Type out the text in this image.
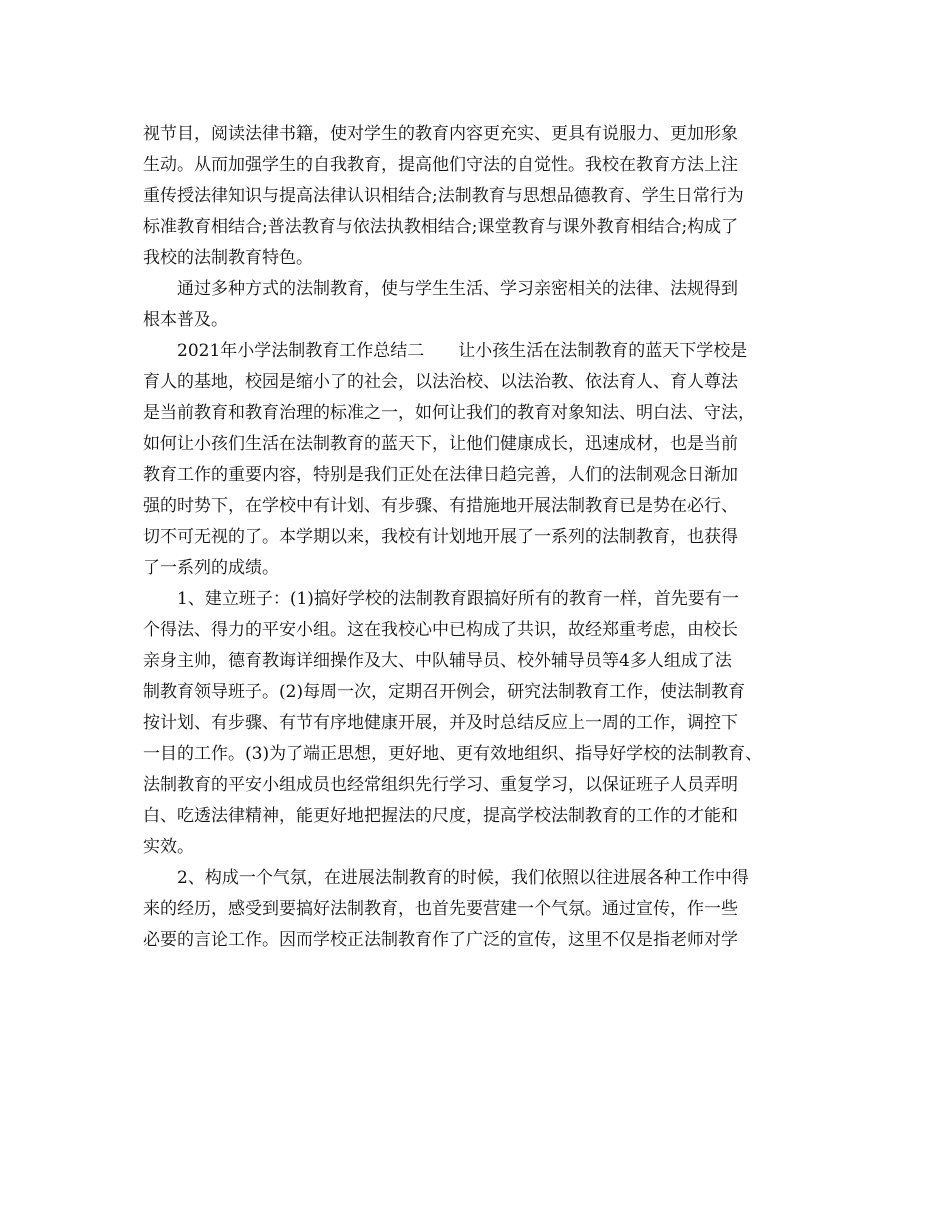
视节目，阅读法律书籍，使对学生的教育内容更充实、更具有说服力、更加形象
生动。从而加强学生的自我教育，提高他们守法的自觉性。我校在教育方法上注
重传授法律知识与提高法律认识相结合;法制教育与思想品德教育、学生日常行为
标准教育相结合;普法教育与依法执教相结合;课堂教育与课外教育相结合;构成了
我校的法制教育特色。
　　通过多种方式的法制教育，使与学生生活、学习亲密相关的法律、法规得到
根本普及。
　　2021年小学法制教育工作总结二　　让小孩生活在法制教育的蓝天下学校是
育人的基地，校园是缩小了的社会，以法治校、以法治教、依法育人、育人尊法
是当前教育和教育治理的标准之一，如何让我们的教育对象知法、明白法、守法，
如何让小孩们生活在法制教育的蓝天下，让他们健康成长，迅速成材，也是当前
教育工作的重要内容，特别是我们正处在法律日趋完善，人们的法制观念日渐加
强的时势下，在学校中有计划、有步骤、有措施地开展法制教育已是势在必行、
切不可无视的了。本学期以来，我校有计划地开展了一系列的法制教育，也获得
了一系列的成绩。
　　1、建立班子：(1)搞好学校的法制教育跟搞好所有的教育一样，首先要有一
个得法、得力的平安小组。这在我校心中已构成了共识，故经郑重考虑，由校长
亲身主帅，德育教诲详细操作及大、中队辅导员、校外辅导员等4多人组成了法
制教育领导班子。(2)每周一次，定期召开例会，研究法制教育工作，使法制教育
按计划、有步骤、有节有序地健康开展，并及时总结反应上一周的工作，调控下
一目的工作。(3)为了端正思想，更好地、更有效地组织、指导好学校的法制教育、
法制教育的平安小组成员也经常组织先行学习、重复学习，以保证班子人员弄明
白、吃透法律精神，能更好地把握法的尺度，提高学校法制教育的工作的才能和
实效。
　　2、构成一个气氛，在进展法制教育的时候，我们依照以往进展各种工作中得
来的经历，感受到要搞好法制教育，也首先要营建一个气氛。通过宣传，作一些
必要的言论工作。因而学校正法制教育作了广泛的宣传，这里不仅是指老师对学
